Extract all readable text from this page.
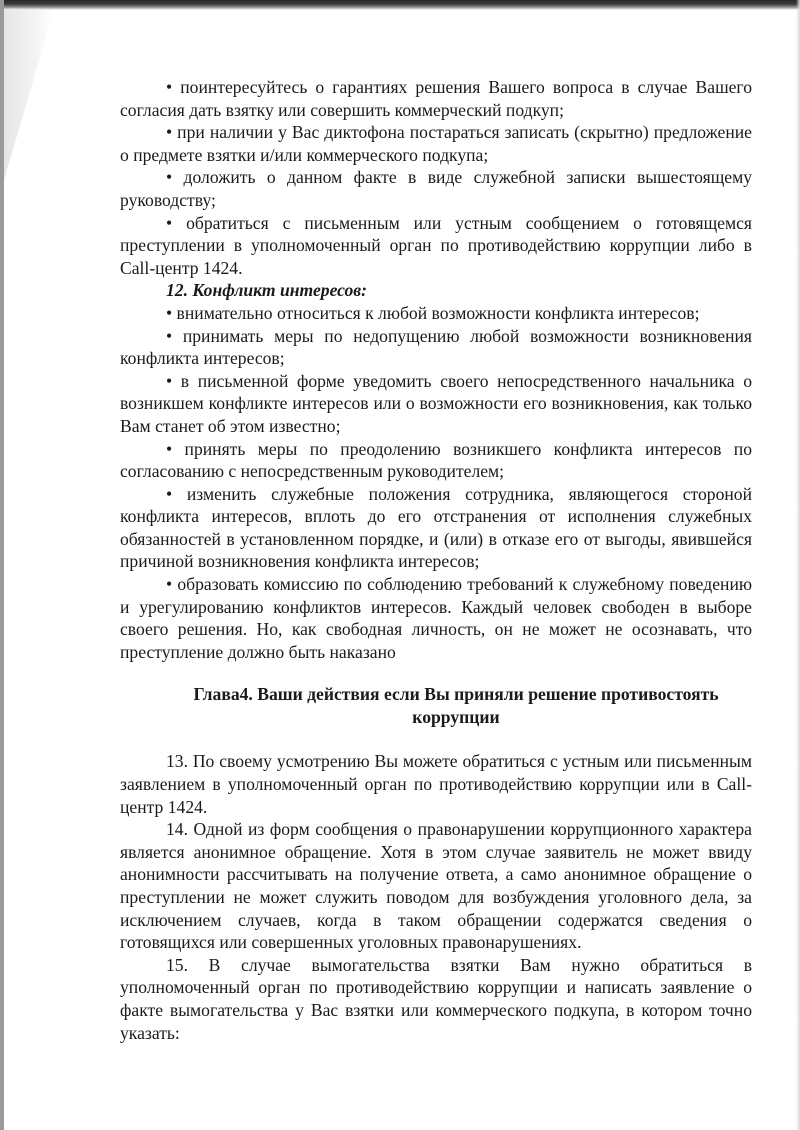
• поинтересуйтесь о гарантиях решения Вашего вопроса в случае Вашего согласия дать взятку или совершить коммерческий подкуп;

• при наличии у Вас диктофона постараться записать (скрытно) предложение о предмете взятки и/или коммерческого подкупа;

• доложить о данном факте в виде служебной записки вышестоящему руководству;

• обратиться с письменным или устным сообщением о готовящемся преступлении в уполномоченный орган по противодействию коррупции либо в Call-центр 1424.

12. Конфликт интересов:

• внимательно относиться к любой возможности конфликта интересов;

• принимать меры по недопущению любой возможности возникновения конфликта интересов;

• в письменной форме уведомить своего непосредственного начальника о возникшем конфликте интересов или о возможности его возникновения, как только Вам станет об этом известно;

• принять меры по преодолению возникшего конфликта интересов по согласованию с непосредственным руководителем;

• изменить служебные положения сотрудника, являющегося стороной конфликта интересов, вплоть до его отстранения от исполнения служебных обязанностей в установленном порядке, и (или) в отказе его от выгоды, явившейся причиной возникновения конфликта интересов;

• образовать комиссию по соблюдению требований к служебному поведению и урегулированию конфликтов интересов. Каждый человек свободен в выборе своего решения. Но, как свободная личность, он не может не осознавать, что преступление должно быть наказано

Глава4. Ваши действия если Вы приняли решение противостоять коррупции

13. По своему усмотрению Вы можете обратиться с устным или письменным заявлением в уполномоченный орган по противодействию коррупции или в Call-центр 1424.

14. Одной из форм сообщения о правонарушении коррупционного характера является анонимное обращение. Хотя в этом случае заявитель не может ввиду анонимности рассчитывать на получение ответа, а само анонимное обращение о преступлении не может служить поводом для возбуждения уголовного дела, за исключением случаев, когда в таком обращении содержатся сведения о готовящихся или совершенных уголовных правонарушениях.

15. В случае вымогательства взятки Вам нужно обратиться в уполномоченный орган по противодействию коррупции и написать заявление о факте вымогательства у Вас взятки или коммерческого подкупа, в котором точно указать:
